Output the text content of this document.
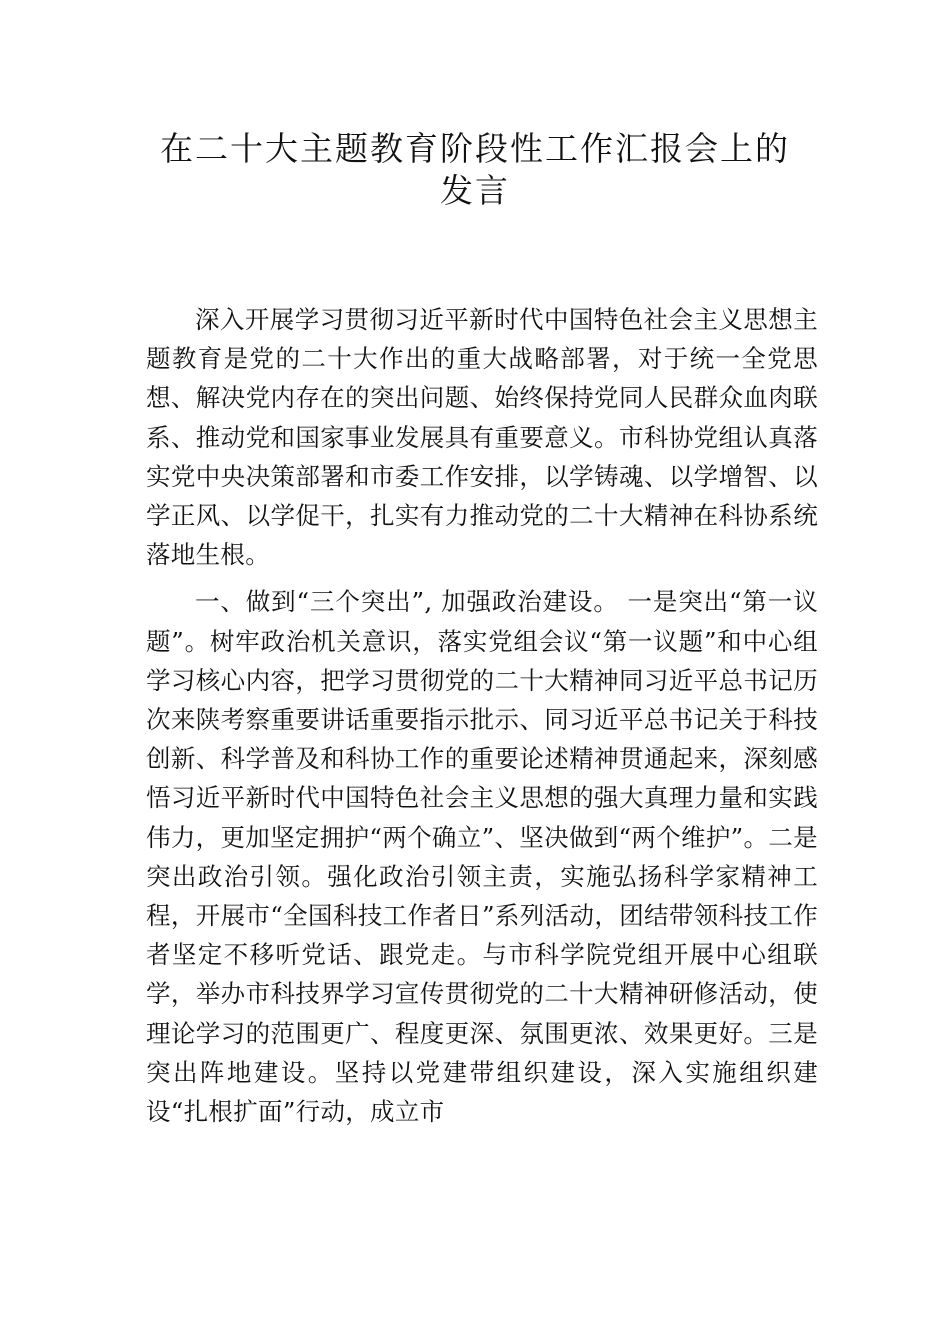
在二十大主题教育阶段性工作汇报会上的
发言

深入开展学习贯彻习近平新时代中国特色社会主义思想主题教育是党的二十大作出的重大战略部署，对于统一全党思想、解决党内存在的突出问题、始终保持党同人民群众血肉联系、推动党和国家事业发展具有重要意义。市科协党组认真落实党中央决策部署和市委工作安排，以学铸魂、以学增智、以学正风、以学促干，扎实有力推动党的二十大精神在科协系统落地生根。

一、做到“三个突出”, 加强政治建设。 一是突出“第一议题”。树牢政治机关意识，落实党组会议“第一议题”和中心组学习核心内容，把学习贯彻党的二十大精神同习近平总书记历次来陕考察重要讲话重要指示批示、同习近平总书记关于科技创新、科学普及和科协工作的重要论述精神贯通起来，深刻感悟习近平新时代中国特色社会主义思想的强大真理力量和实践伟力，更加坚定拥护“两个确立”、坚决做到“两个维护”。二是突出政治引领。强化政治引领主责，实施弘扬科学家精神工程，开展市“全国科技工作者日”系列活动，团结带领科技工作者坚定不移听党话、跟党走。与市科学院党组开展中心组联学，举办市科技界学习宣传贯彻党的二十大精神研修活动，使理论学习的范围更广、程度更深、氛围更浓、效果更好。三是突出阵地建设。坚持以党建带组织建设，深入实施组织建设“扎根扩面”行动，成立市
